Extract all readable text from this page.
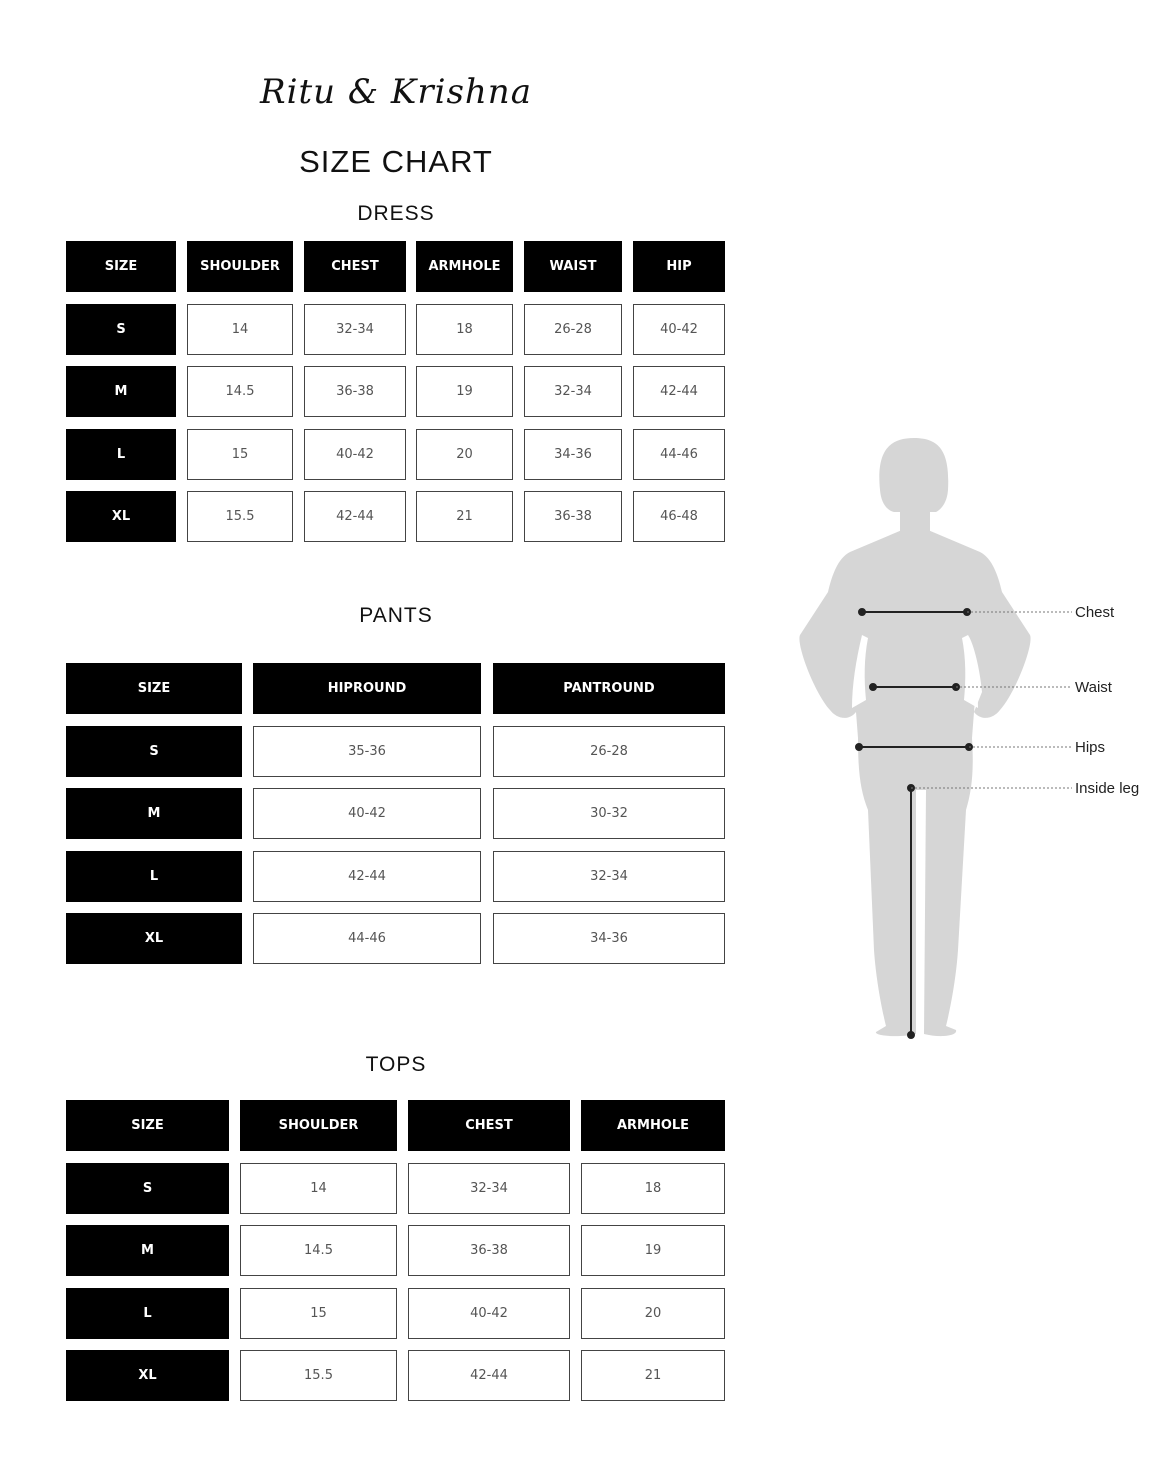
Ritu & Krishna
SIZE CHART
DRESS
SIZE	SHOULDER	CHEST	ARMHOLE	WAIST	HIP
S	14	32-34	18	26-28	40-42
M	14.5	36-38	19	32-34	42-44
L	15	40-42	20	34-36	44-46
XL	15.5	42-44	21	36-38	46-48
PANTS
SIZE	HIPROUND	PANTROUND
S	35-36	26-28
M	40-42	30-32
L	42-44	32-34
XL	44-46	34-36
TOPS
SIZE	SHOULDER	CHEST	ARMHOLE
S	14	32-34	18
M	14.5	36-38	19
L	15	40-42	20
XL	15.5	42-44	21
Chest
Waist
Hips
Inside leg
